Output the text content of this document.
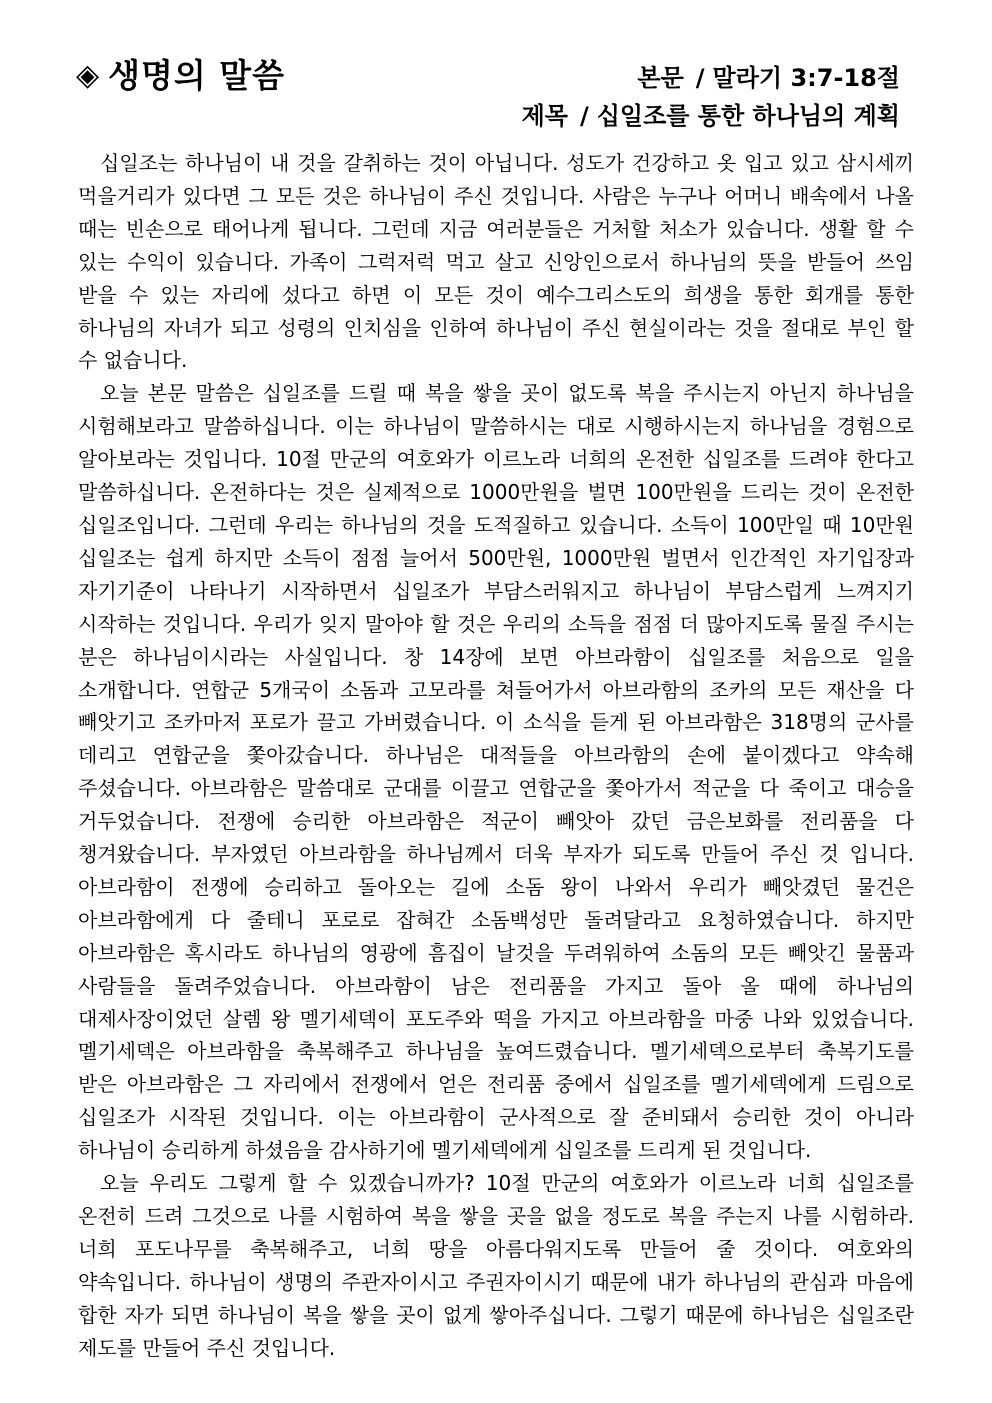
◈ 생명의 말씀	본문 / 말라기 3:7-18절
제목 / 십일조를 통한 하나님의 계획

십일조는 하나님이 내 것을 갈취하는 것이 아닙니다. 성도가 건강하고 옷 입고 있고 삼시세끼 먹을거리가 있다면 그 모든 것은 하나님이 주신 것입니다. 사람은 누구나 어머니 배속에서 나올 때는 빈손으로 태어나게 됩니다. 그런데 지금 여러분들은 거처할 처소가 있습니다. 생활 할 수 있는 수익이 있습니다. 가족이 그럭저럭 먹고 살고 신앙인으로서 하나님의 뜻을 받들어 쓰임 받을 수 있는 자리에 섰다고 하면 이 모든 것이 예수그리스도의 희생을 통한 회개를 통한 하나님의 자녀가 되고 성령의 인치심을 인하여 하나님이 주신 현실이라는 것을 절대로 부인 할 수 없습니다.

오늘 본문 말씀은 십일조를 드릴 때 복을 쌓을 곳이 없도록 복을 주시는지 아닌지 하나님을 시험해보라고 말씀하십니다. 이는 하나님이 말씀하시는 대로 시행하시는지 하나님을 경험으로 알아보라는 것입니다. 10절 만군의 여호와가 이르노라 너희의 온전한 십일조를 드려야 한다고 말씀하십니다. 온전하다는 것은 실제적으로 1000만원을 벌면 100만원을 드리는 것이 온전한 십일조입니다. 그런데 우리는 하나님의 것을 도적질하고 있습니다. 소득이 100만일 때 10만원 십일조는 쉽게 하지만 소득이 점점 늘어서 500만원, 1000만원 벌면서 인간적인 자기입장과 자기기준이 나타나기 시작하면서 십일조가 부담스러워지고 하나님이 부담스럽게 느껴지기 시작하는 것입니다. 우리가 잊지 말아야 할 것은 우리의 소득을 점점 더 많아지도록 물질 주시는 분은 하나님이시라는 사실입니다. 창 14장에 보면 아브라함이 십일조를 처음으로 일을 소개합니다. 연합군 5개국이 소돔과 고모라를 쳐들어가서 아브라함의 조카의 모든 재산을 다 빼앗기고 조카마저 포로가 끌고 가버렸습니다. 이 소식을 듣게 된 아브라함은 318명의 군사를 데리고 연합군을 쫓아갔습니다. 하나님은 대적들을 아브라함의 손에 붙이겠다고 약속해 주셨습니다. 아브라함은 말씀대로 군대를 이끌고 연합군을 쫓아가서 적군을 다 죽이고 대승을 거두었습니다. 전쟁에 승리한 아브라함은 적군이 빼앗아 갔던 금은보화를 전리품을 다 챙겨왔습니다. 부자였던 아브라함을 하나님께서 더욱 부자가 되도록 만들어 주신 것 입니다. 아브라함이 전쟁에 승리하고 돌아오는 길에 소돔 왕이 나와서 우리가 빼앗겼던 물건은 아브라함에게 다 줄테니 포로로 잡혀간 소돔백성만 돌려달라고 요청하였습니다. 하지만 아브라함은 혹시라도 하나님의 영광에 흠집이 날것을 두려워하여 소돔의 모든 빼앗긴 물품과 사람들을 돌려주었습니다. 아브라함이 남은 전리품을 가지고 돌아 올 때에 하나님의 대제사장이었던 살렘 왕 멜기세덱이 포도주와 떡을 가지고 아브라함을 마중 나와 있었습니다. 멜기세덱은 아브라함을 축복해주고 하나님을 높여드렸습니다. 멜기세덱으로부터 축복기도를 받은 아브라함은 그 자리에서 전쟁에서 얻은 전리품 중에서 십일조를 멜기세덱에게 드림으로 십일조가 시작된 것입니다. 이는 아브라함이 군사적으로 잘 준비돼서 승리한 것이 아니라 하나님이 승리하게 하셨음을 감사하기에 멜기세덱에게 십일조를 드리게 된 것입니다.

오늘 우리도 그렇게 할 수 있겠습니까가? 10절 만군의 여호와가 이르노라 너희 십일조를 온전히 드려 그것으로 나를 시험하여 복을 쌓을 곳을 없을 정도로 복을 주는지 나를 시험하라. 너희 포도나무를 축복해주고, 너희 땅을 아름다워지도록 만들어 줄 것이다. 여호와의 약속입니다. 하나님이 생명의 주관자이시고 주권자이시기 때문에 내가 하나님의 관심과 마음에 합한 자가 되면 하나님이 복을 쌓을 곳이 없게 쌓아주십니다. 그렇기 때문에 하나님은 십일조란 제도를 만들어 주신 것입니다.
